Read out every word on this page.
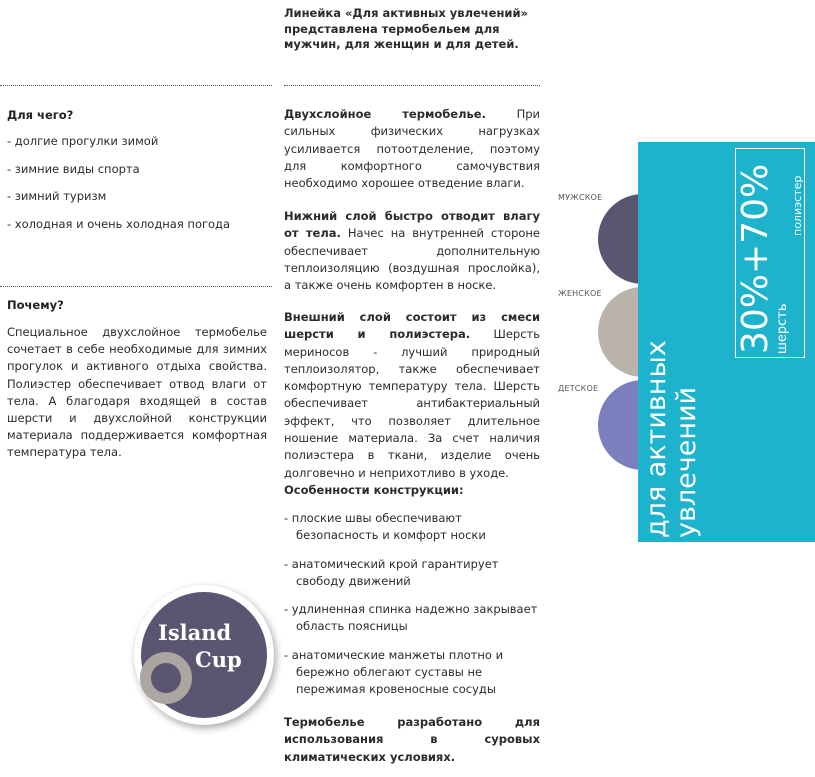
Линейка «Для активных увлечений» представлена термобельем для мужчин, для женщин и для детей.
Для чего?
- долгие прогулки зимой
- зимние виды спорта
- зимний туризм
- холодная и очень холодная погода
Почему?
Специальное двухслойное термобелье сочетает в себе необходимые для зимних прогулок и активного отдыха свойства. Полиэстер обеспечивает отвод влаги от тела. А благодаря входящей в состав шерсти и двухслойной конструкции материала поддерживается комфортная температура тела.
Island
Cup
Двухслойное термобелье. При сильных физических нагрузках усиливается потоотделение, поэтому для комфортного самочувствия необходимо хорошее отведение влаги.
Нижний слой быстро отводит влагу от тела. Начес на внутренней стороне обеспечивает дополнительную теплоизоляцию (воздушная прослойка), а также очень комфортен в носке.
Внешний слой состоит из смеси шерсти и полиэстера. Шерсть мериносов - лучший природный теплоизолятор, также обеспечивает комфортную температуру тела. Шерсть обеспечивает антибактериальный эффект, что позволяет длительное ношение материала. За счет наличия полиэстера в ткани, изделие очень долговечно и неприхотливо в уходе.
Особенности конструкции:
- плоские швы обеспечивают безопасность и комфорт носки
- анатомический крой гарантирует свободу движений
- удлиненная спинка надежно закрывает область поясницы
- анатомические манжеты плотно и бережно облегают суставы не пережимая кровеносные сосуды
Термобелье разработано для использования в суровых климатических условиях.
МУЖСКОЕ
ЖЕНСКОЕ
ДЕТСКОЕ для активных увлечений
30%+70% шерсть
полиэстер
